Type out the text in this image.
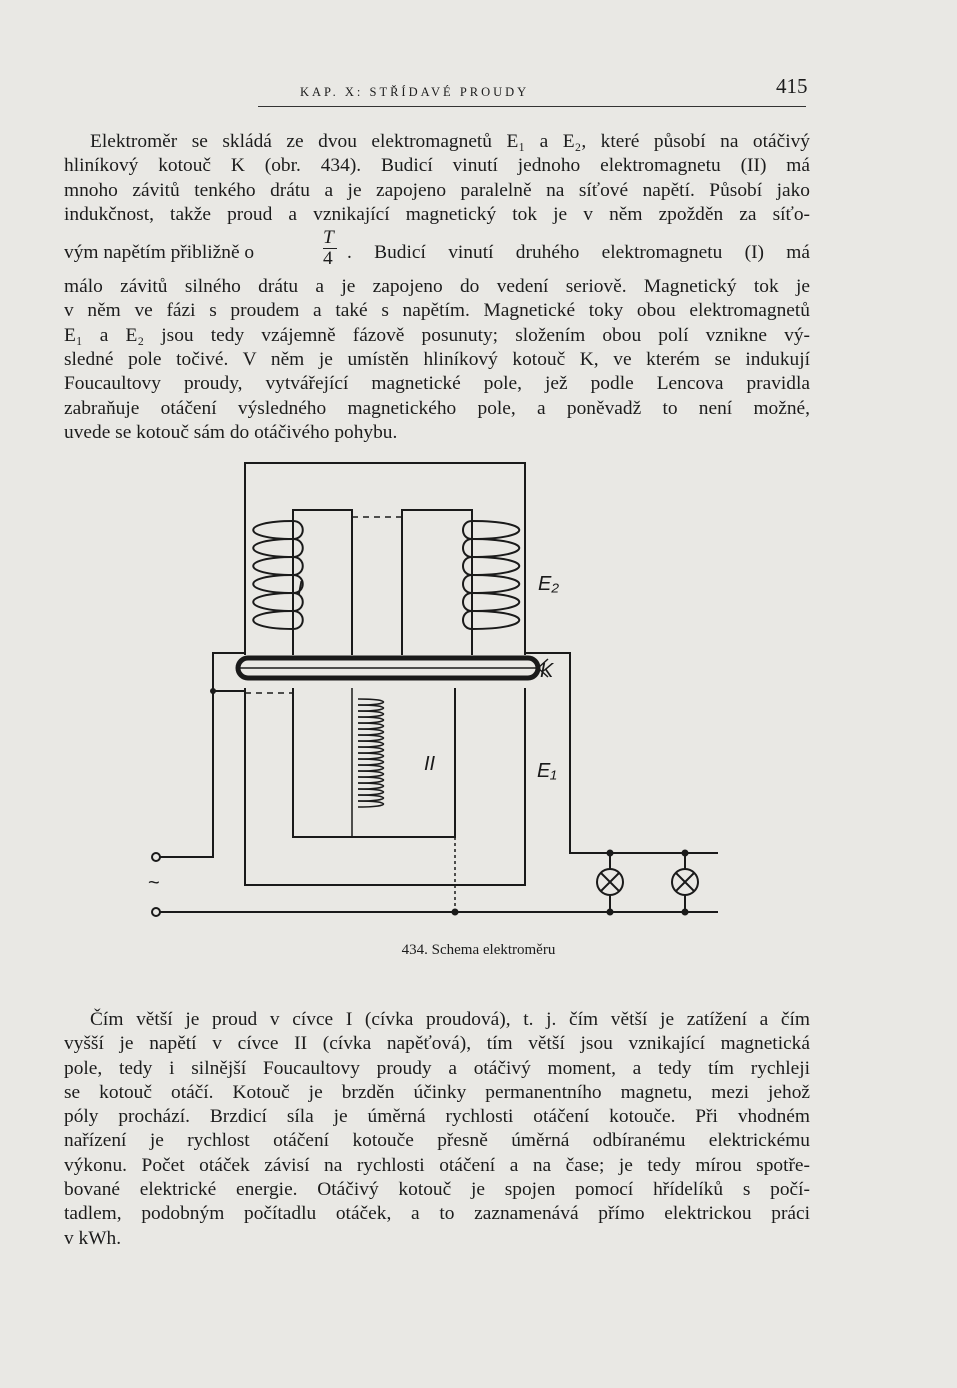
KAP. X: STŘÍDAVÉ PROUDY	415
Elektroměr se skládá ze dvou elektromagnetů E₁ a E₂, které působí na otáčivý
hliníkový kotouč K (obr. 434). Budicí vinutí jednoho elektromagnetu (II) má
mnoho závitů tenkého drátu a je zapojeno paralelně na síťové napětí. Působí jako
indukčnost, takže proud a vznikající magnetický tok je v něm zpožděn za síťo-
vým napětím přibližně o
T
4 . Budicí vinutí druhého elektromagnetu (I) má
málo závitů silného drátu a je zapojeno do vedení seriově. Magnetický tok je
v něm ve fázi s proudem a také s napětím. Magnetické toky obou elektromagnetů
E₁ a E₂ jsou tedy vzájemně fázově posunuty; složením obou polí vznikne vý-
sledné pole točivé. V něm je umístěn hliníkový kotouč K, ve kterém se indukují
Foucaultovy proudy, vytvářející magnetické pole, jež podle Lencova pravidla
zabraňuje otáčení výsledného magnetického pole, a poněvadž to není možné,
uvede se kotouč sám do otáčivého pohybu.
I
II
E₂
E₁
K
~
434. Schema elektroměru
Čím větší je proud v cívce I (cívka proudová), t. j. čím větší je zatížení a čím
vyšší je napětí v cívce II (cívka napěťová), tím větší jsou vznikající magnetická
pole, tedy i silnější Foucaultovy proudy a otáčivý moment, a tedy tím rychleji
se kotouč otáčí. Kotouč je brzděn účinky permanentního magnetu, mezi jehož
póly prochází. Brzdicí síla je úměrná rychlosti otáčení kotouče. Při vhodném
nařízení je rychlost otáčení kotouče přesně úměrná odbíranému elektrickému
výkonu. Počet otáček závisí na rychlosti otáčení a na čase; je tedy mírou spotře-
bované elektrické energie. Otáčivý kotouč je spojen pomocí hřídelíků s počí-
tadlem, podobným počítadlu otáček, a to zaznamenává přímo elektrickou práci
v kWh.
